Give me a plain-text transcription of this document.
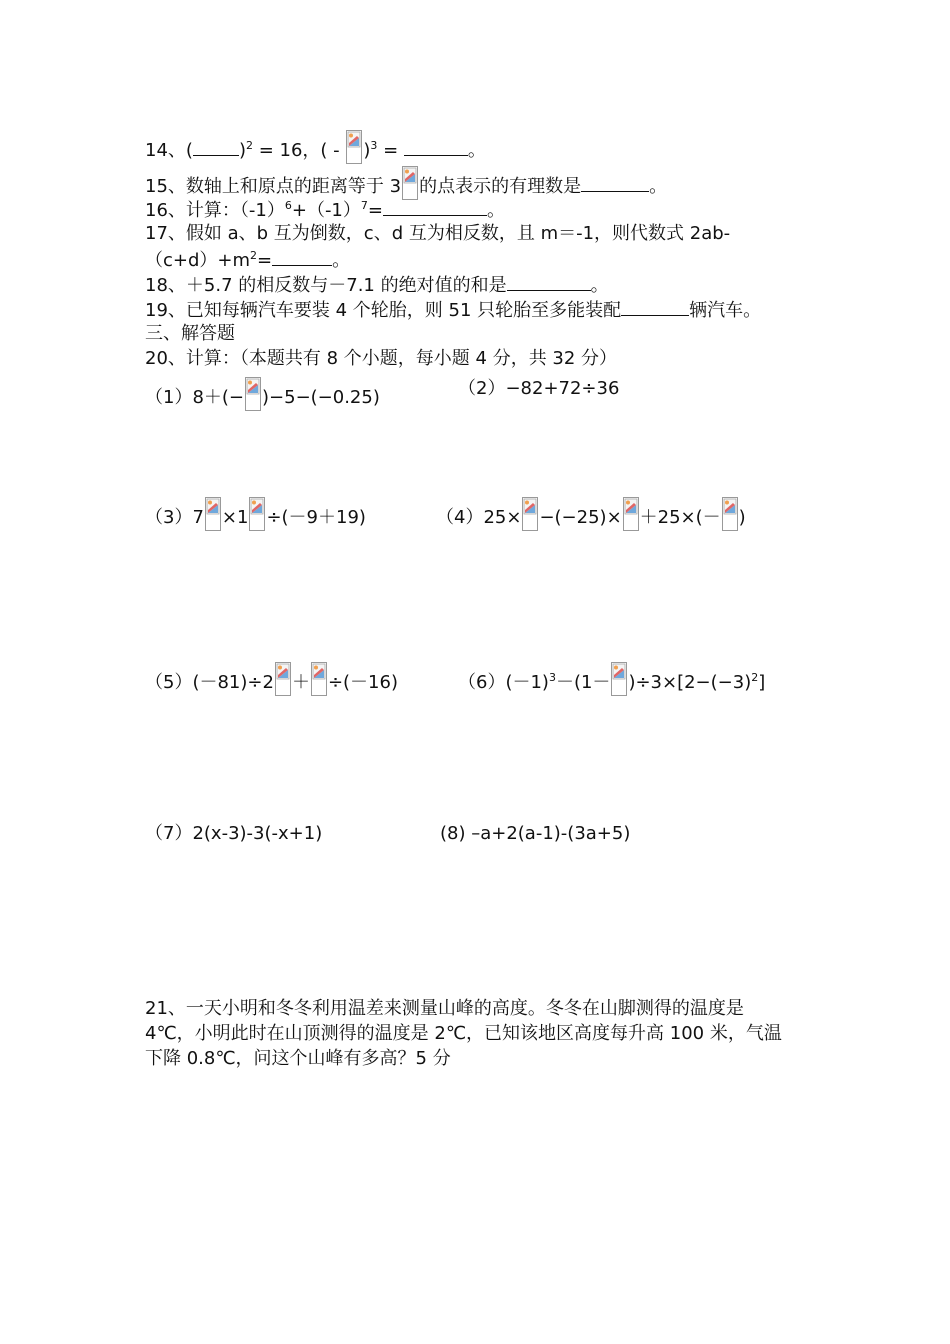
14、(	)$^2$ = 16，( -
)$^3$ =	。
15、数轴上和原点的距离等于 3 的点表示的有理数是	。
16、计算：$(-1)^6+(-1)^7=$	。
17、假如 a、b 互为倒数，c、d 互为相反数，且 m＝-1，则代数式 2ab-
$(c+d)+m^2=$	。
18、＋5.7 的相反数与－7.1 的绝对值的和是	。
19、已知每辆汽车要装 4 个轮胎，则 51 只轮胎至多能装配	辆汽车。
三、解答题
20、计算：（本题共有 8 个小题，每小题 4 分，共 32 分）
（1）8＋(− )−5−(−0.25)	（2）−82+72÷36
（3）7 ×1 ÷(－9＋19)	（4）25× −(−25)× ＋25×(－ )
（5）(－81)÷2 ＋ ÷(－16)	$(6)(-1)^3-(1- )\div 3\times[2-(-3)^2]$
（7）2(x-3)-3(-x+1)	(8) –a+2(a-1)-(3a+5)
21、一天小明和冬冬利用温差来测量山峰的高度。冬冬在山脚测得的温度是
4℃，小明此时在山顶测得的温度是 2℃，已知该地区高度每升高 100 米，气温
下降 0.8℃，问这个山峰有多高？5 分
